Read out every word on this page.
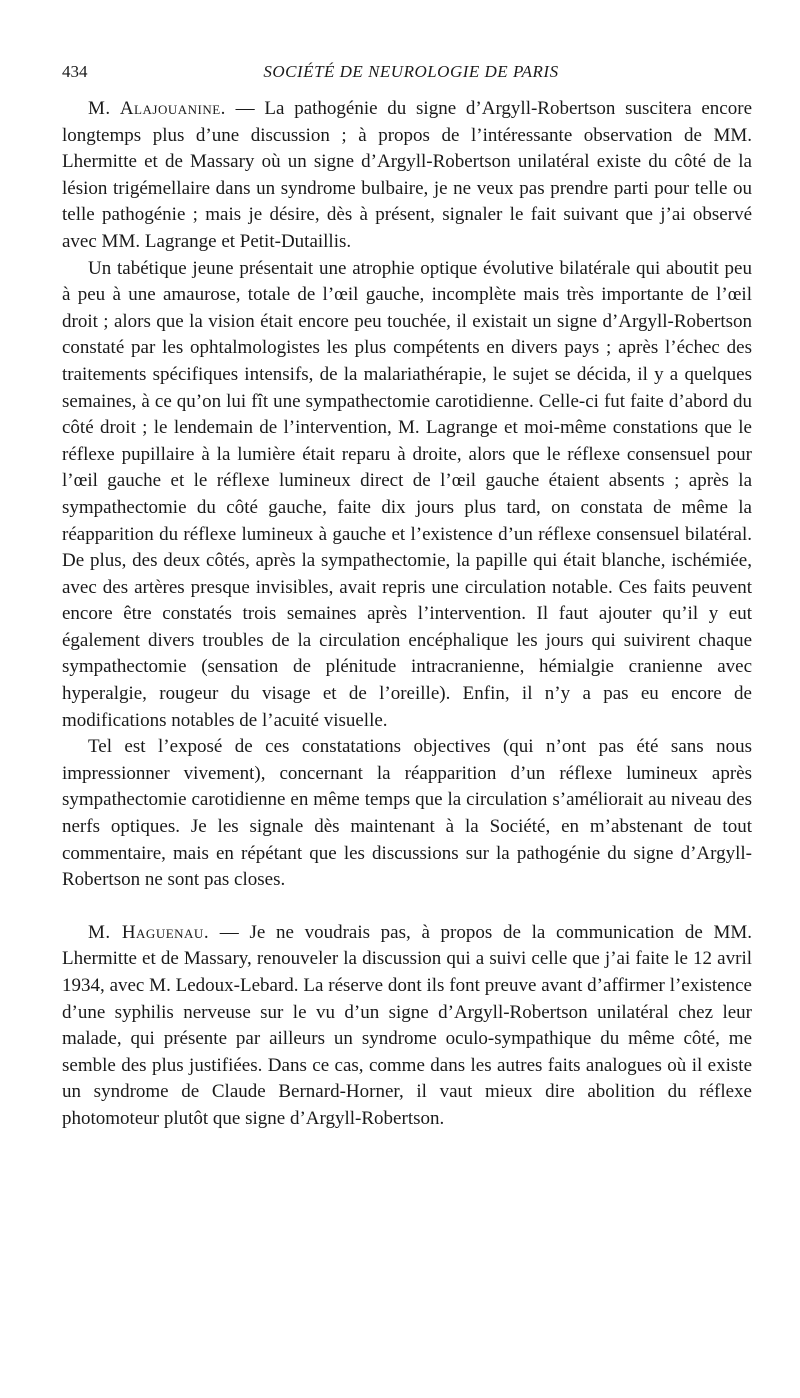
434	SOCIÉTÉ DE NEUROLOGIE DE PARIS

M. Alajouanine. — La pathogénie du signe d’Argyll-Robertson suscitera encore longtemps plus d’une discussion ; à propos de l’intéressante observation de MM. Lhermitte et de Massary où un signe d’Argyll-Robertson unilatéral existe du côté de la lésion trigémellaire dans un syndrome bulbaire, je ne veux pas prendre parti pour telle ou telle pathogénie ; mais je désire, dès à présent, signaler le fait suivant que j’ai observé avec MM. Lagrange et Petit-Dutaillis.

Un tabétique jeune présentait une atrophie optique évolutive bilatérale qui aboutit peu à peu à une amaurose, totale de l’œil gauche, incomplète mais très importante de l’œil droit ; alors que la vision était encore peu touchée, il existait un signe d’Argyll-Robertson constaté par les ophtalmologistes les plus compétents en divers pays ; après l’échec des traitements spécifiques intensifs, de la malariathérapie, le sujet se décida, il y a quelques semaines, à ce qu’on lui fît une sympathectomie carotidienne. Celle-ci fut faite d’abord du côté droit ; le lendemain de l’intervention, M. Lagrange et moi-même constations que le réflexe pupillaire à la lumière était reparu à droite, alors que le réflexe consensuel pour l’œil gauche et le réflexe lumineux direct de l’œil gauche étaient absents ; après la sympathectomie du côté gauche, faite dix jours plus tard, on constata de même la réapparition du réflexe lumineux à gauche et l’existence d’un réflexe consensuel bilatéral. De plus, des deux côtés, après la sympathectomie, la papille qui était blanche, ischémiée, avec des artères presque invisibles, avait repris une circulation notable. Ces faits peuvent encore être constatés trois semaines après l’intervention. Il faut ajouter qu’il y eut également divers troubles de la circulation encéphalique les jours qui suivirent chaque sympathectomie (sensation de plénitude intracranienne, hémialgie cranienne avec hyperalgie, rougeur du visage et de l’oreille). Enfin, il n’y a pas eu encore de modifications notables de l’acuité visuelle.

Tel est l’exposé de ces constatations objectives (qui n’ont pas été sans nous impressionner vivement), concernant la réapparition d’un réflexe lumineux après sympathectomie carotidienne en même temps que la circulation s’améliorait au niveau des nerfs optiques. Je les signale dès maintenant à la Société, en m’abstenant de tout commentaire, mais en répétant que les discussions sur la pathogénie du signe d’Argyll-Robertson ne sont pas closes.

M. Haguenau. — Je ne voudrais pas, à propos de la communication de MM. Lhermitte et de Massary, renouveler la discussion qui a suivi celle que j’ai faite le 12 avril 1934, avec M. Ledoux-Lebard. La réserve dont ils font preuve avant d’affirmer l’existence d’une syphilis nerveuse sur le vu d’un signe d’Argyll-Robertson unilatéral chez leur malade, qui présente par ailleurs un syndrome oculo-sympathique du même côté, me semble des plus justifiées. Dans ce cas, comme dans les autres faits analogues où il existe un syndrome de Claude Bernard-Horner, il vaut mieux dire abolition du réflexe photomoteur plutôt que signe d’Argyll-Robertson.
